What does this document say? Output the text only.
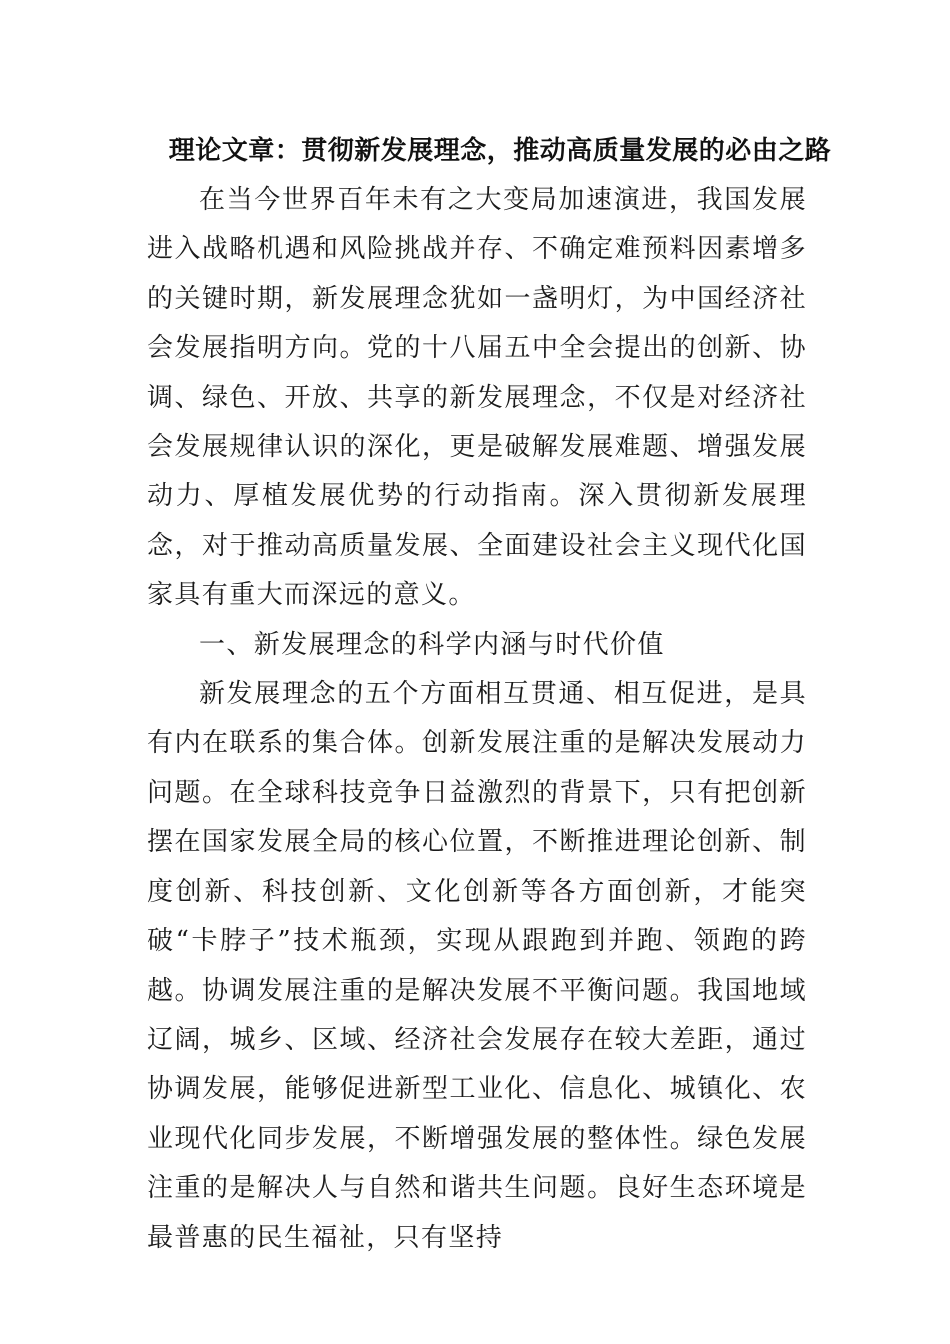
理论文章：贯彻新发展理念，推动高质量发展的必由之路

在当今世界百年未有之大变局加速演进，我国发展进入战略机遇和风险挑战并存、不确定难预料因素增多的关键时期，新发展理念犹如一盏明灯，为中国经济社会发展指明方向。党的十八届五中全会提出的创新、协调、绿色、开放、共享的新发展理念，不仅是对经济社会发展规律认识的深化，更是破解发展难题、增强发展动力、厚植发展优势的行动指南。深入贯彻新发展理念，对于推动高质量发展、全面建设社会主义现代化国家具有重大而深远的意义。

一、新发展理念的科学内涵与时代价值

新发展理念的五个方面相互贯通、相互促进，是具有内在联系的集合体。创新发展注重的是解决发展动力问题。在全球科技竞争日益激烈的背景下，只有把创新摆在国家发展全局的核心位置，不断推进理论创新、制度创新、科技创新、文化创新等各方面创新，才能突破“卡脖子”技术瓶颈，实现从跟跑到并跑、领跑的跨越。协调发展注重的是解决发展不平衡问题。我国地域辽阔，城乡、区域、经济社会发展存在较大差距，通过协调发展，能够促进新型工业化、信息化、城镇化、农业现代化同步发展，不断增强发展的整体性。绿色发展注重的是解决人与自然和谐共生问题。良好生态环境是最普惠的民生福祉，只有坚持
